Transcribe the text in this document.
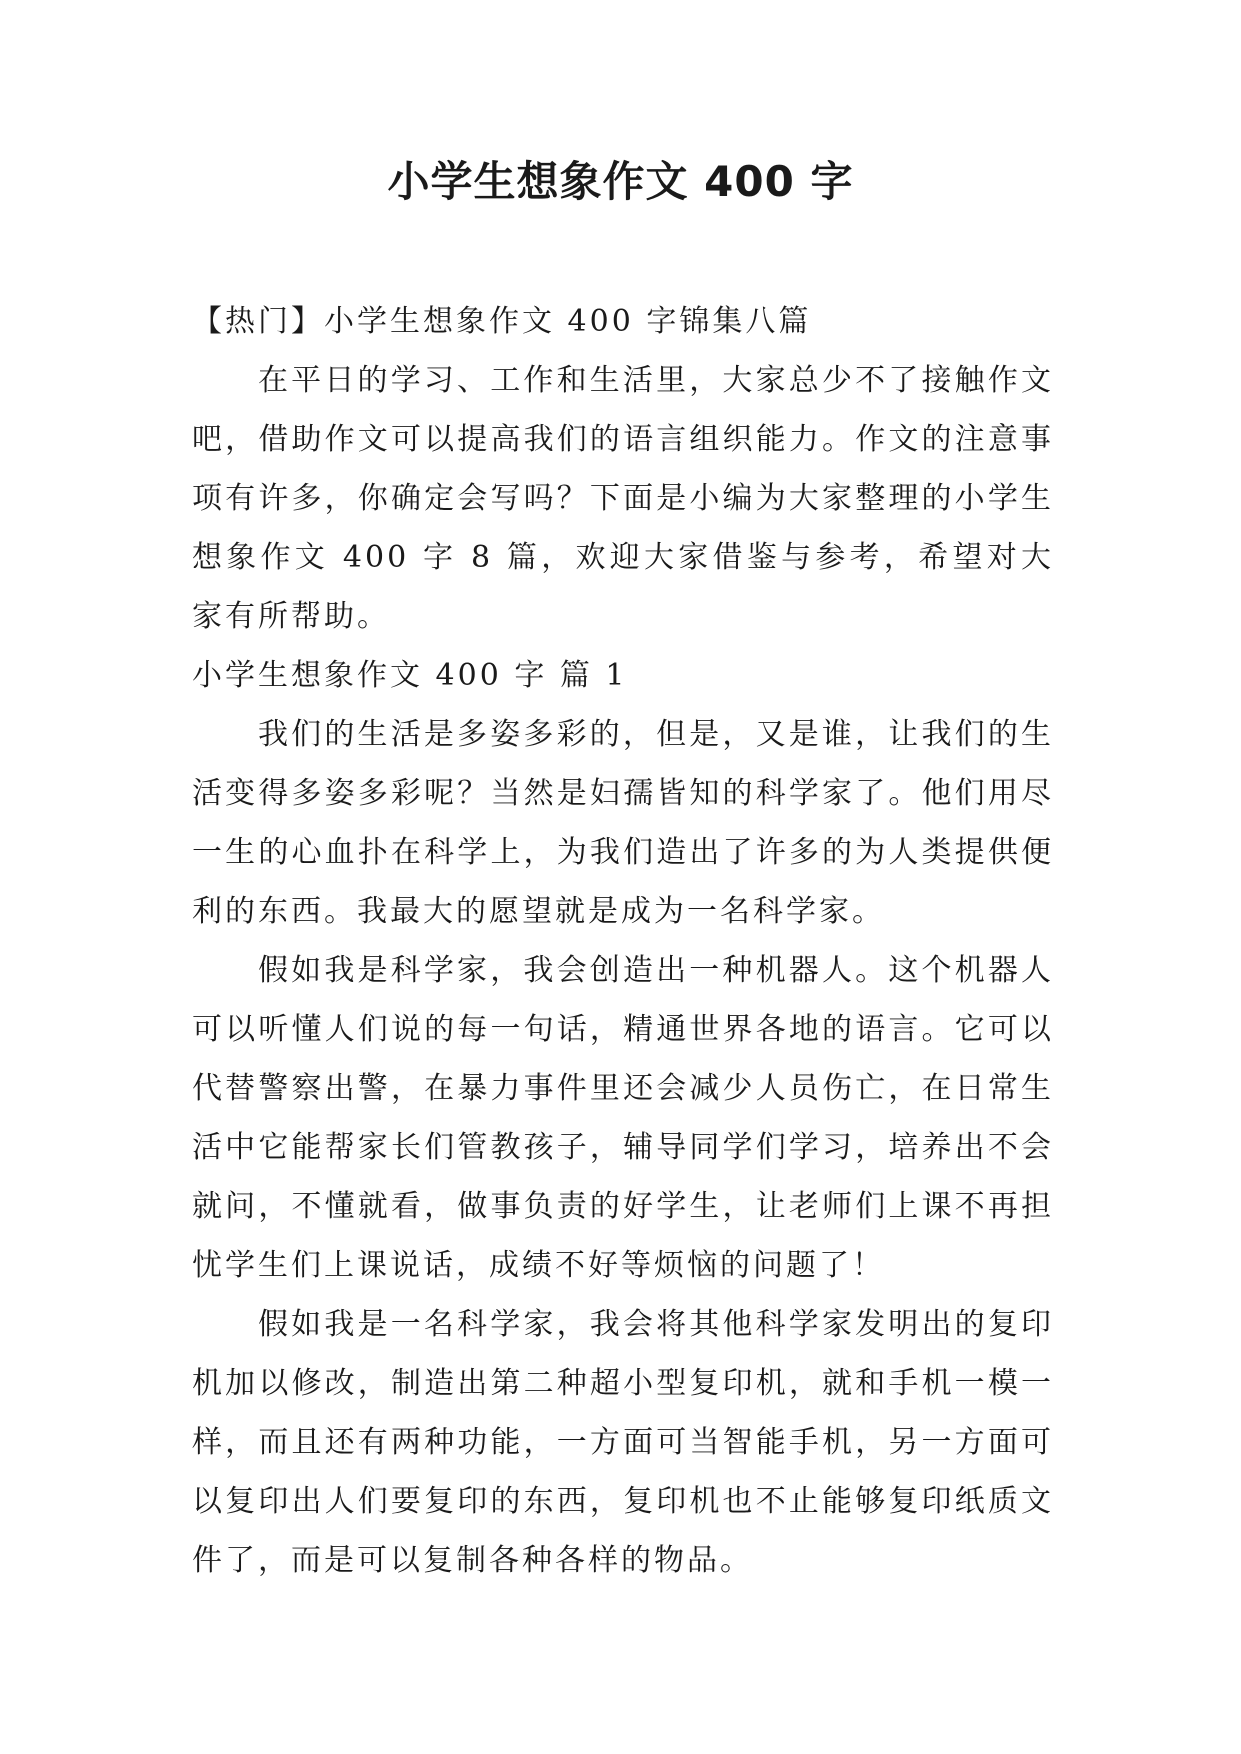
小学生想象作文 400 字

【热门】小学生想象作文 400 字锦集八篇

在平日的学习、工作和生活里，大家总少不了接触作文吧，借助作文可以提高我们的语言组织能力。作文的注意事项有许多，你确定会写吗？下面是小编为大家整理的小学生想象作文 400 字 8 篇，欢迎大家借鉴与参考，希望对大家有所帮助。

小学生想象作文 400 字 篇 1

我们的生活是多姿多彩的，但是，又是谁，让我们的生活变得多姿多彩呢？当然是妇孺皆知的科学家了。他们用尽一生的心血扑在科学上，为我们造出了许多的为人类提供便利的东西。我最大的愿望就是成为一名科学家。

假如我是科学家，我会创造出一种机器人。这个机器人可以听懂人们说的每一句话，精通世界各地的语言。它可以代替警察出警，在暴力事件里还会减少人员伤亡，在日常生活中它能帮家长们管教孩子，辅导同学们学习，培养出不会就问，不懂就看，做事负责的好学生，让老师们上课不再担忧学生们上课说话，成绩不好等烦恼的问题了！

假如我是一名科学家，我会将其他科学家发明出的复印机加以修改，制造出第二种超小型复印机，就和手机一模一样，而且还有两种功能，一方面可当智能手机，另一方面可以复印出人们要复印的东西，复印机也不止能够复印纸质文件了，而是可以复制各种各样的物品。
